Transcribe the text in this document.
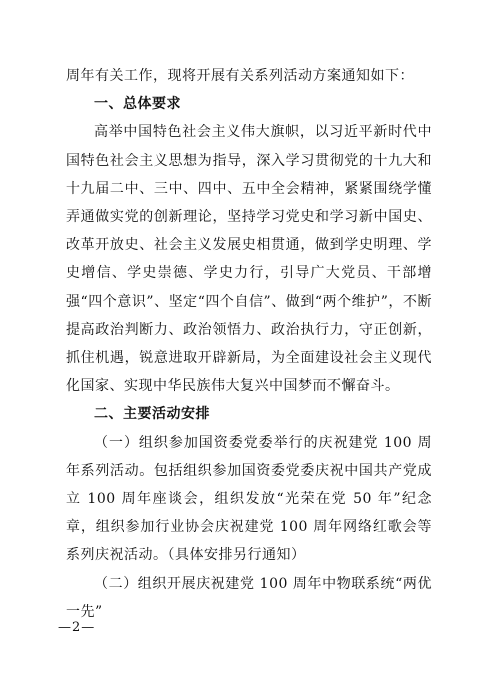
周年有关工作，现将开展有关系列活动方案通知如下：

一、总体要求

高举中国特色社会主义伟大旗帜，以习近平新时代中国特色社会主义思想为指导，深入学习贯彻党的十九大和十九届二中、三中、四中、五中全会精神，紧紧围绕学懂弄通做实党的创新理论，坚持学习党史和学习新中国史、改革开放史、社会主义发展史相贯通，做到学史明理、学史增信、学史崇德、学史力行，引导广大党员、干部增强“四个意识”、坚定“四个自信”、做到“两个维护”，不断提高政治判断力、政治领悟力、政治执行力，守正创新，抓住机遇，锐意进取开辟新局，为全面建设社会主义现代化国家、实现中华民族伟大复兴中国梦而不懈奋斗。

二、主要活动安排

（一）组织参加国资委党委举行的庆祝建党 100 周年系列活动。包括组织参加国资委党委庆祝中国共产党成立 100 周年座谈会，组织发放“光荣在党 50 年”纪念章，组织参加行业协会庆祝建党 100 周年网络红歌会等系列庆祝活动。（具体安排另行通知）

（二）组织开展庆祝建党 100 周年中物联系统“两优一先”

—2—
